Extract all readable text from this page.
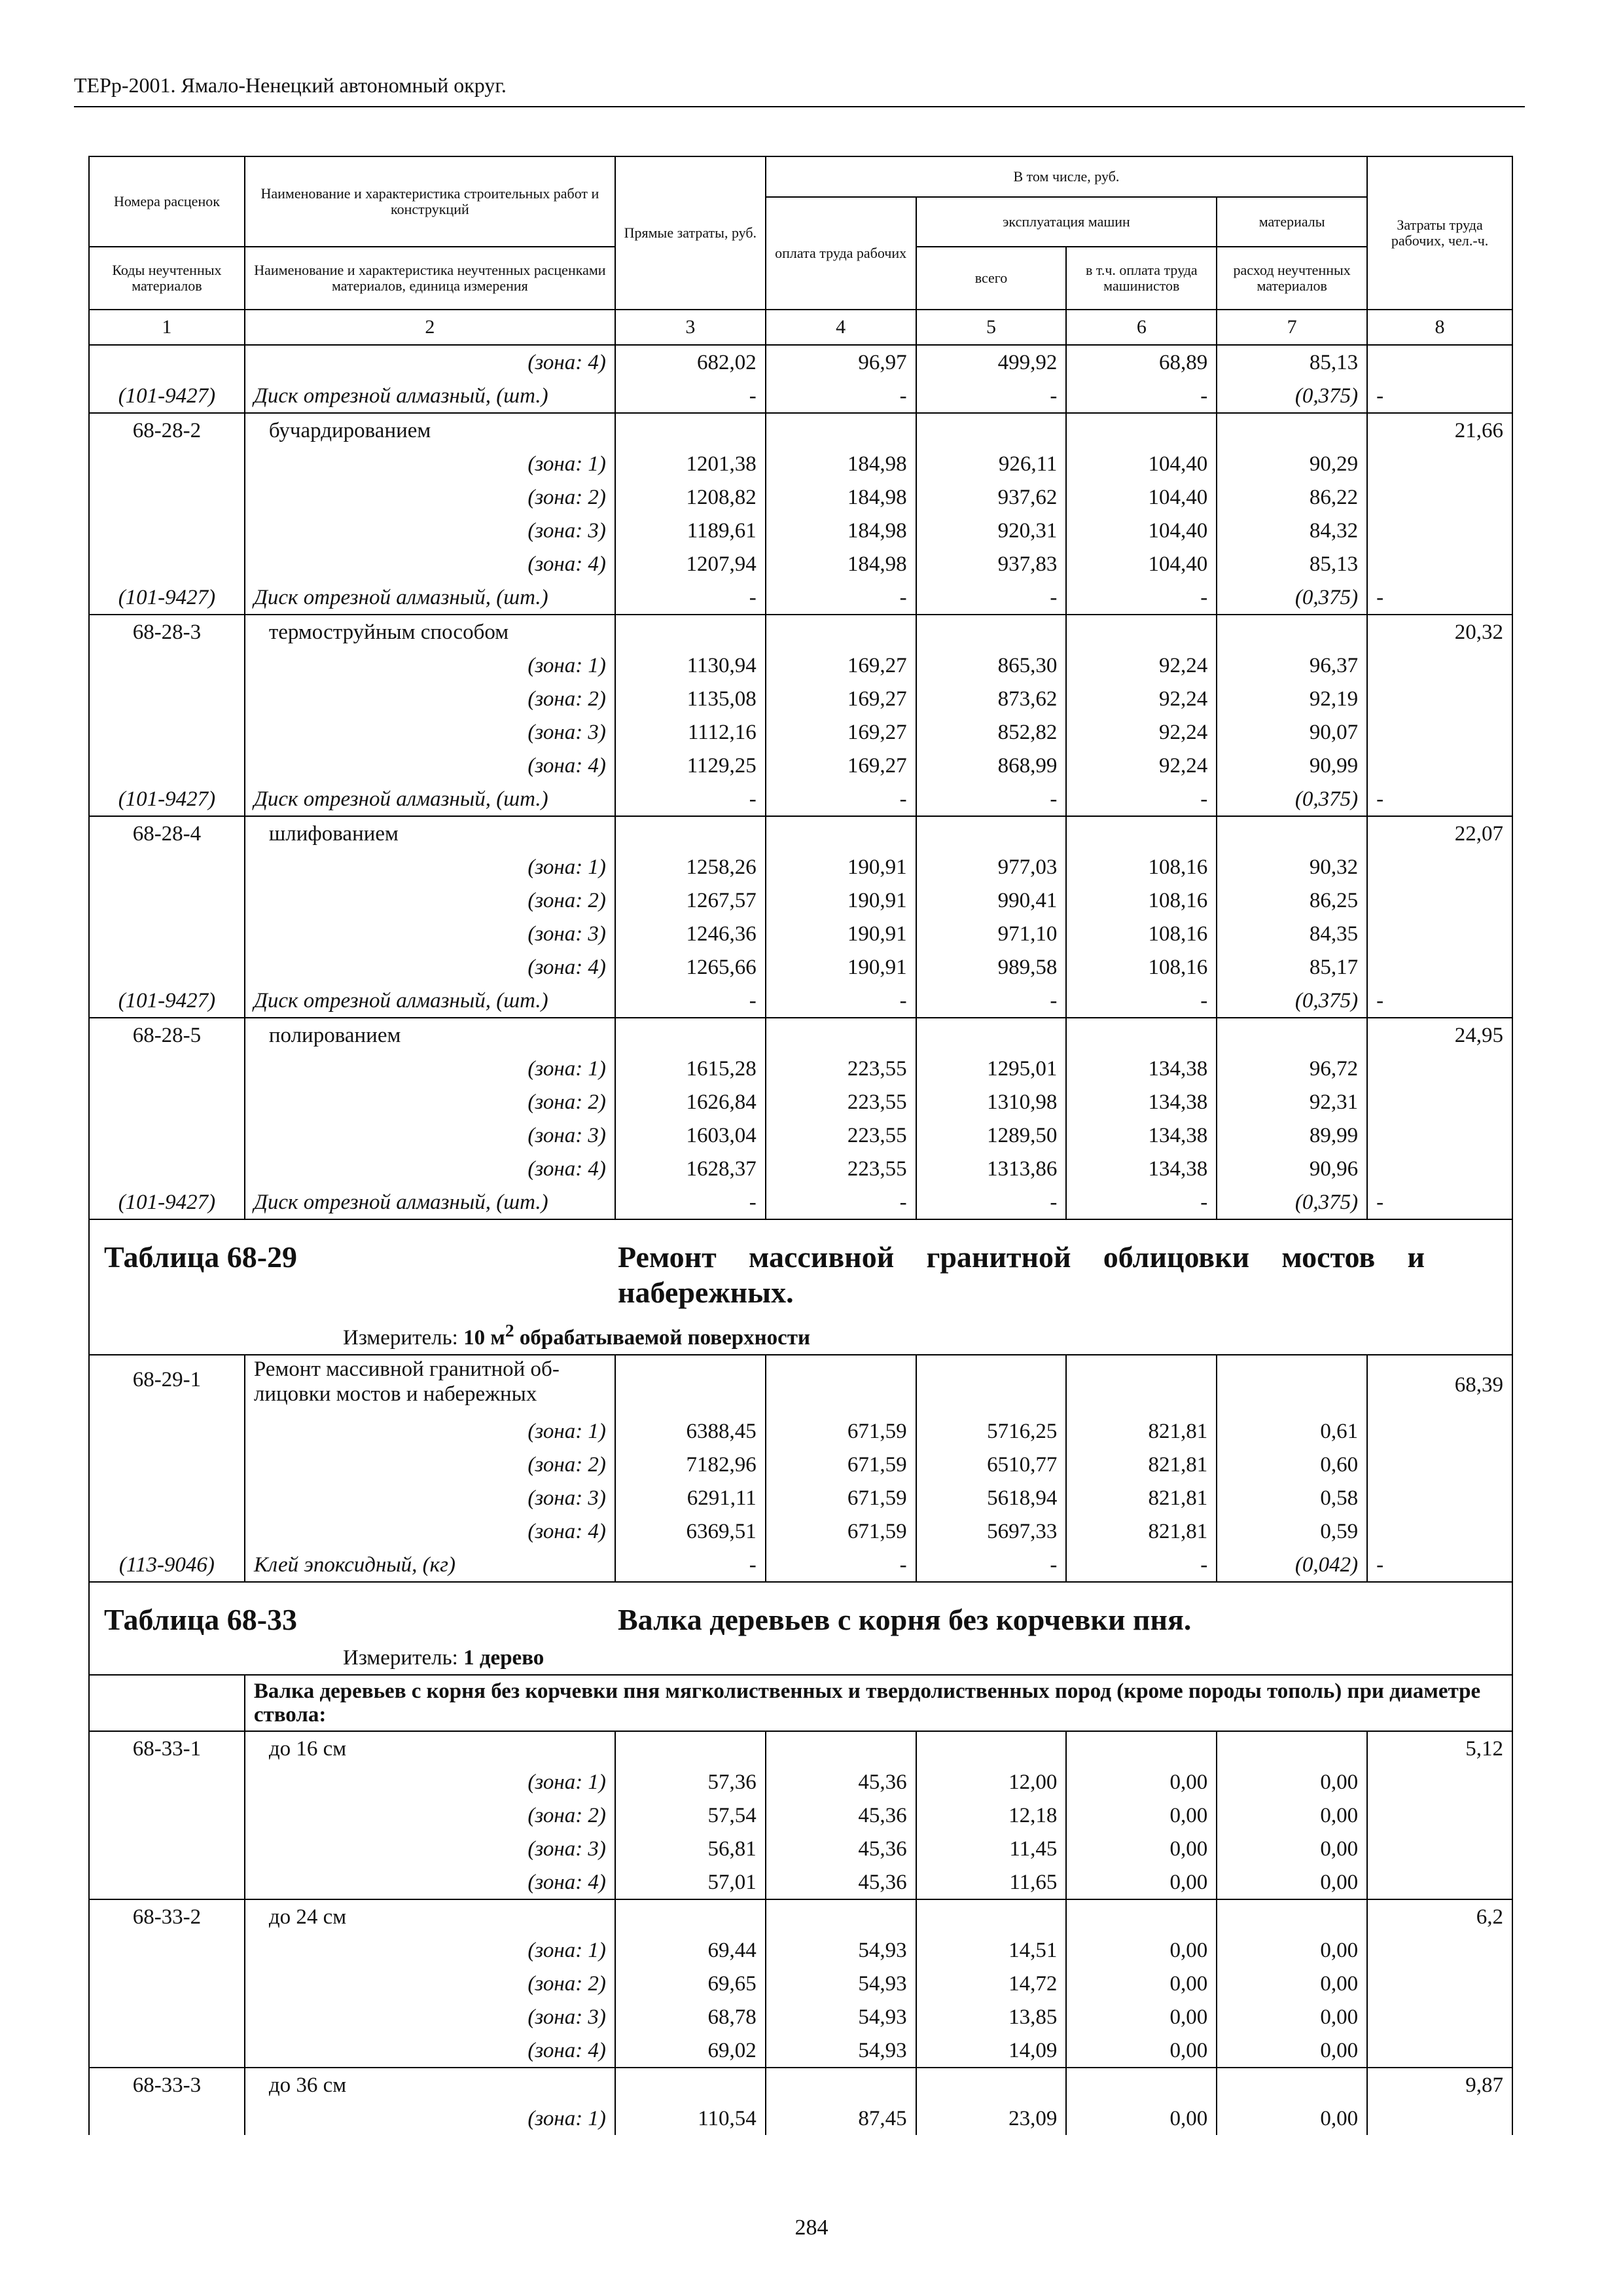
ТЕРр-2001. Ямало-Ненецкий автономный округ.
Номера расценок	Наименование и характеристика строительных работ и конструкций	Прямые затраты, руб.	В том числе, руб.				Затраты труда рабочих, чел.-ч.
			оплата труда рабочих	эксплуатация машин		материалы	
Коды неучтенных материалов	Наименование и характеристика неучтенных расценками материалов, единица измерения			всего	в т.ч. оплата труда машинистов	расход неучтенных материалов	
1	2	3	4	5	6	7	8
	(зона: 4)	682,02	96,97	499,92	68,89	85,13	
(101-9427)	Диск отрезной алмазный, (шт.)	-	-	-	-	(0,375)	-
68-28-2	бучардированием						21,66
	(зона: 1)	1201,38	184,98	926,11	104,40	90,29	
	(зона: 2)	1208,82	184,98	937,62	104,40	86,22	
	(зона: 3)	1189,61	184,98	920,31	104,40	84,32	
	(зона: 4)	1207,94	184,98	937,83	104,40	85,13	
(101-9427)	Диск отрезной алмазный, (шт.)	-	-	-	-	(0,375)	-
68-28-3	термоструйным способом						20,32
	(зона: 1)	1130,94	169,27	865,30	92,24	96,37	
	(зона: 2)	1135,08	169,27	873,62	92,24	92,19	
	(зона: 3)	1112,16	169,27	852,82	92,24	90,07	
	(зона: 4)	1129,25	169,27	868,99	92,24	90,99	
(101-9427)	Диск отрезной алмазный, (шт.)	-	-	-	-	(0,375)	-
68-28-4	шлифованием						22,07
	(зона: 1)	1258,26	190,91	977,03	108,16	90,32	
	(зона: 2)	1267,57	190,91	990,41	108,16	86,25	
	(зона: 3)	1246,36	190,91	971,10	108,16	84,35	
	(зона: 4)	1265,66	190,91	989,58	108,16	85,17	
(101-9427)	Диск отрезной алмазный, (шт.)	-	-	-	-	(0,375)	-
68-28-5	полированием						24,95
	(зона: 1)	1615,28	223,55	1295,01	134,38	96,72	
	(зона: 2)	1626,84	223,55	1310,98	134,38	92,31	
	(зона: 3)	1603,04	223,55	1289,50	134,38	89,99	
	(зона: 4)	1628,37	223,55	1313,86	134,38	90,96	
(101-9427)	Диск отрезной алмазный, (шт.)	-	-	-	-	(0,375)	-

Таблица 68-29 Ремонт массивной гранитной облицовки мостов и набережных.
Измеритель: 10 $м^2$ обрабатываемой поверхности							

68-29-1	Ремонт массивной гранитной об-лицовки мостов и набережных						68,39
	(зона: 1)	6388,45	671,59	5716,25	821,81	0,61	
	(зона: 2)	7182,96	671,59	6510,77	821,81	0,60	
	(зона: 3)	6291,11	671,59	5618,94	821,81	0,58	
	(зона: 4)	6369,51	671,59	5697,33	821,81	0,59	
(113-9046)	Клей эпоксидный, (кг)	-	-	-	-	(0,042)	-

Таблица 68-33 Валка деревьев с корня без корчевки пня.
Измеритель: 1 дерево							

	Валка деревьев с корня без корчевки пня мягколиственных и твердолиственных пород (кроме породы тополь) при диаметре ствола:						
68-33-1	до 16 см						5,12
	(зона: 1)	57,36	45,36	12,00	0,00	0,00	
	(зона: 2)	57,54	45,36	12,18	0,00	0,00	
	(зона: 3)	56,81	45,36	11,45	0,00	0,00	
	(зона: 4)	57,01	45,36	11,65	0,00	0,00	
68-33-2	до 24 см						6,2
	(зона: 1)	69,44	54,93	14,51	0,00	0,00	
	(зона: 2)	69,65	54,93	14,72	0,00	0,00	
	(зона: 3)	68,78	54,93	13,85	0,00	0,00	
	(зона: 4)	69,02	54,93	14,09	0,00	0,00	
68-33-3	до 36 см						9,87
	(зона: 1)	110,54	87,45	23,09	0,00	0,00	
284
